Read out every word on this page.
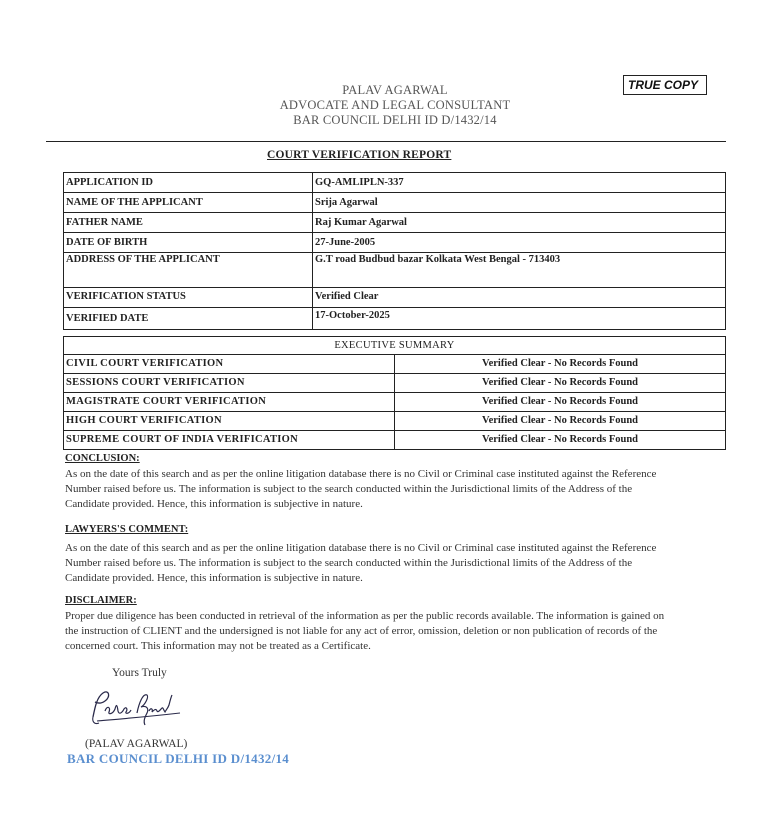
PALAV AGARWAL
ADVOCATE AND LEGAL CONSULTANT
BAR COUNCIL DELHI ID D/1432/14
TRUE COPY
COURT VERIFICATION REPORT
APPLICATION ID	GQ-AMLIPLN-337
NAME OF THE APPLICANT	Srija Agarwal
FATHER NAME	Raj Kumar Agarwal
DATE OF BIRTH	27-June-2005
ADDRESS OF THE APPLICANT	G.T road Budbud bazar Kolkata West Bengal - 713403
VERIFICATION STATUS	Verified Clear
VERIFIED DATE	17-October-2025
EXECUTIVE SUMMARY	
CIVIL COURT VERIFICATION	Verified Clear - No Records Found
SESSIONS COURT VERIFICATION	Verified Clear - No Records Found
MAGISTRATE COURT VERIFICATION	Verified Clear - No Records Found
HIGH COURT VERIFICATION	Verified Clear - No Records Found
SUPREME COURT OF INDIA VERIFICATION	Verified Clear - No Records Found
CONCLUSION:
As on the date of this search and as per the online litigation database there is no Civil or Criminal case instituted against the Reference
Number raised before us. The information is subject to the search conducted within the Jurisdictional limits of the Address of the
Candidate provided. Hence, this information is subjective in nature.
LAWYERS'S COMMENT:
As on the date of this search and as per the online litigation database there is no Civil or Criminal case instituted against the Reference
Number raised before us. The information is subject to the search conducted within the Jurisdictional limits of the Address of the
Candidate provided. Hence, this information is subjective in nature.
DISCLAIMER:
Proper due diligence has been conducted in retrieval of the information as per the public records available. The information is gained on
the instruction of CLIENT and the undersigned is not liable for any act of error, omission, deletion or non publication of records of the
concerned court. This information may not be treated as a Certificate.
Yours Truly
(PALAV AGARWAL)
BAR COUNCIL DELHI ID D/1432/14
